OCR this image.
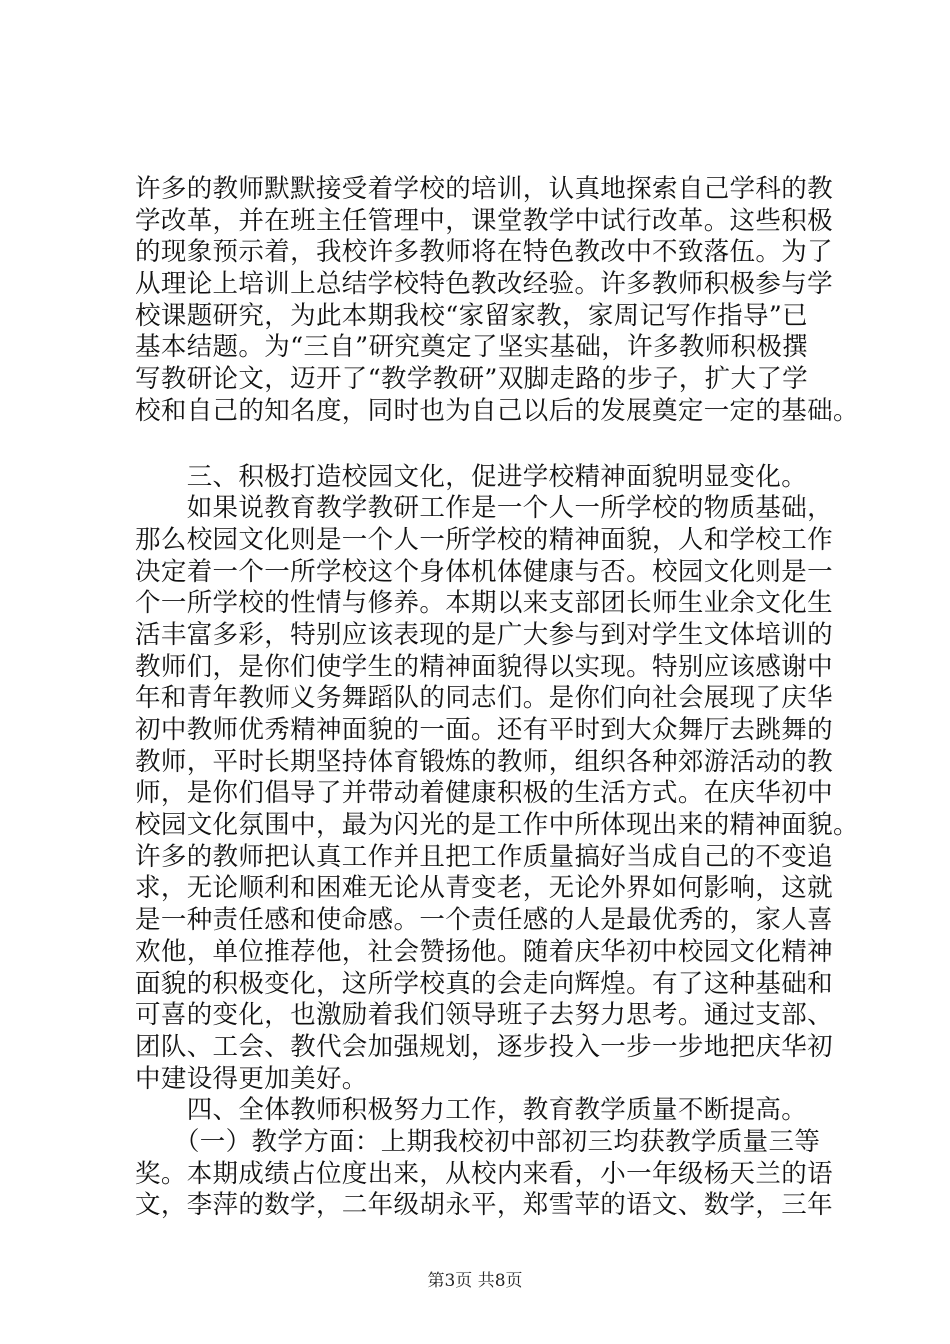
许多的教师默默接受着学校的培训，认真地探索自己学科的教
学改革，并在班主任管理中，课堂教学中试行改革。这些积极
的现象预示着，我校许多教师将在特色教改中不致落伍。为了
从理论上培训上总结学校特色教改经验。许多教师积极参与学
校课题研究，为此本期我校“家留家教，家周记写作指导”已
基本结题。为“三自”研究奠定了坚实基础，许多教师积极撰
写教研论文，迈开了“教学教研”双脚走路的步子，扩大了学
校和自己的知名度，同时也为自己以后的发展奠定一定的基础。
　　三、积极打造校园文化，促进学校精神面貌明显变化。
　　如果说教育教学教研工作是一个人一所学校的物质基础，
那么校园文化则是一个人一所学校的精神面貌，人和学校工作
决定着一个一所学校这个身体机体健康与否。校园文化则是一
个一所学校的性情与修养。本期以来支部团长师生业余文化生
活丰富多彩，特别应该表现的是广大参与到对学生文体培训的
教师们，是你们使学生的精神面貌得以实现。特别应该感谢中
年和青年教师义务舞蹈队的同志们。是你们向社会展现了庆华
初中教师优秀精神面貌的一面。还有平时到大众舞厅去跳舞的
教师，平时长期坚持体育锻炼的教师，组织各种郊游活动的教
师，是你们倡导了并带动着健康积极的生活方式。在庆华初中
校园文化氛围中，最为闪光的是工作中所体现出来的精神面貌。
许多的教师把认真工作并且把工作质量搞好当成自己的不变追
求，无论顺利和困难无论从青变老，无论外界如何影响，这就
是一种责任感和使命感。一个责任感的人是最优秀的，家人喜
欢他，单位推荐他，社会赞扬他。随着庆华初中校园文化精神
面貌的积极变化，这所学校真的会走向辉煌。有了这种基础和
可喜的变化，也激励着我们领导班子去努力思考。通过支部、
团队、工会、教代会加强规划，逐步投入一步一步地把庆华初
中建设得更加美好。
　　四、全体教师积极努力工作，教育教学质量不断提高。
　　（一）教学方面：上期我校初中部初三均获教学质量三等
奖。本期成绩占位度出来，从校内来看，小一年级杨天兰的语
文，李萍的数学，二年级胡永平，郑雪苹的语文、数学，三年
第3页 共8页
